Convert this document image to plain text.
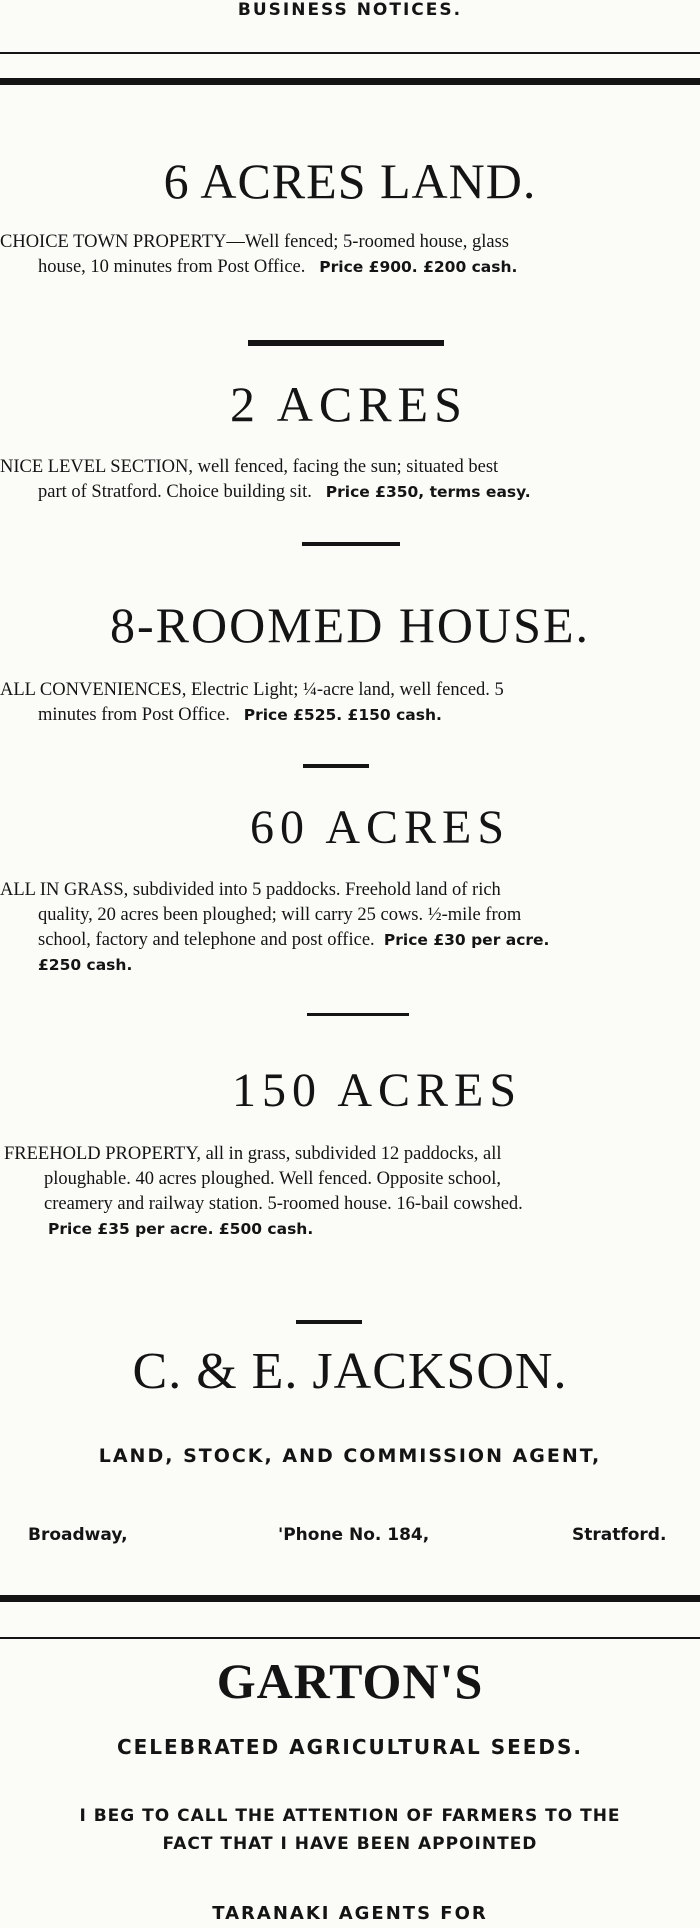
BUSINESS NOTICES.
6 ACRES LAND.
CHOICE TOWN PROPERTY—Well fenced; 5-roomed house, glass
house, 10 minutes from Post Office. Price £900. £200 cash.
2 ACRES
NICE LEVEL SECTION, well fenced, facing the sun; situated best
part of Stratford. Choice building sit. Price £350, terms easy.
8-ROOMED HOUSE.
ALL CONVENIENCES, Electric Light; ¼-acre land, well fenced. 5
minutes from Post Office. Price £525. £150 cash.
60 ACRES
ALL IN GRASS, subdivided into 5 paddocks. Freehold land of rich
quality, 20 acres been ploughed; will carry 25 cows. ½-mile from
school, factory and telephone and post office. Price £30 per acre.
£250 cash.
150 ACRES
FREEHOLD PROPERTY, all in grass, subdivided 12 paddocks, all
ploughable. 40 acres ploughed. Well fenced. Opposite school,
creamery and railway station. 5-roomed house. 16-bail cowshed.
Price £35 per acre. £500 cash.
C. & E. JACKSON.
LAND, STOCK, AND COMMISSION AGENT,
Broadway,	'Phone No. 184,	Stratford.
GARTON'S
CELEBRATED AGRICULTURAL SEEDS.
I BEG TO CALL THE ATTENTION OF FARMERS TO THE
FACT THAT I HAVE BEEN APPOINTED
TARANAKI AGENTS FOR
